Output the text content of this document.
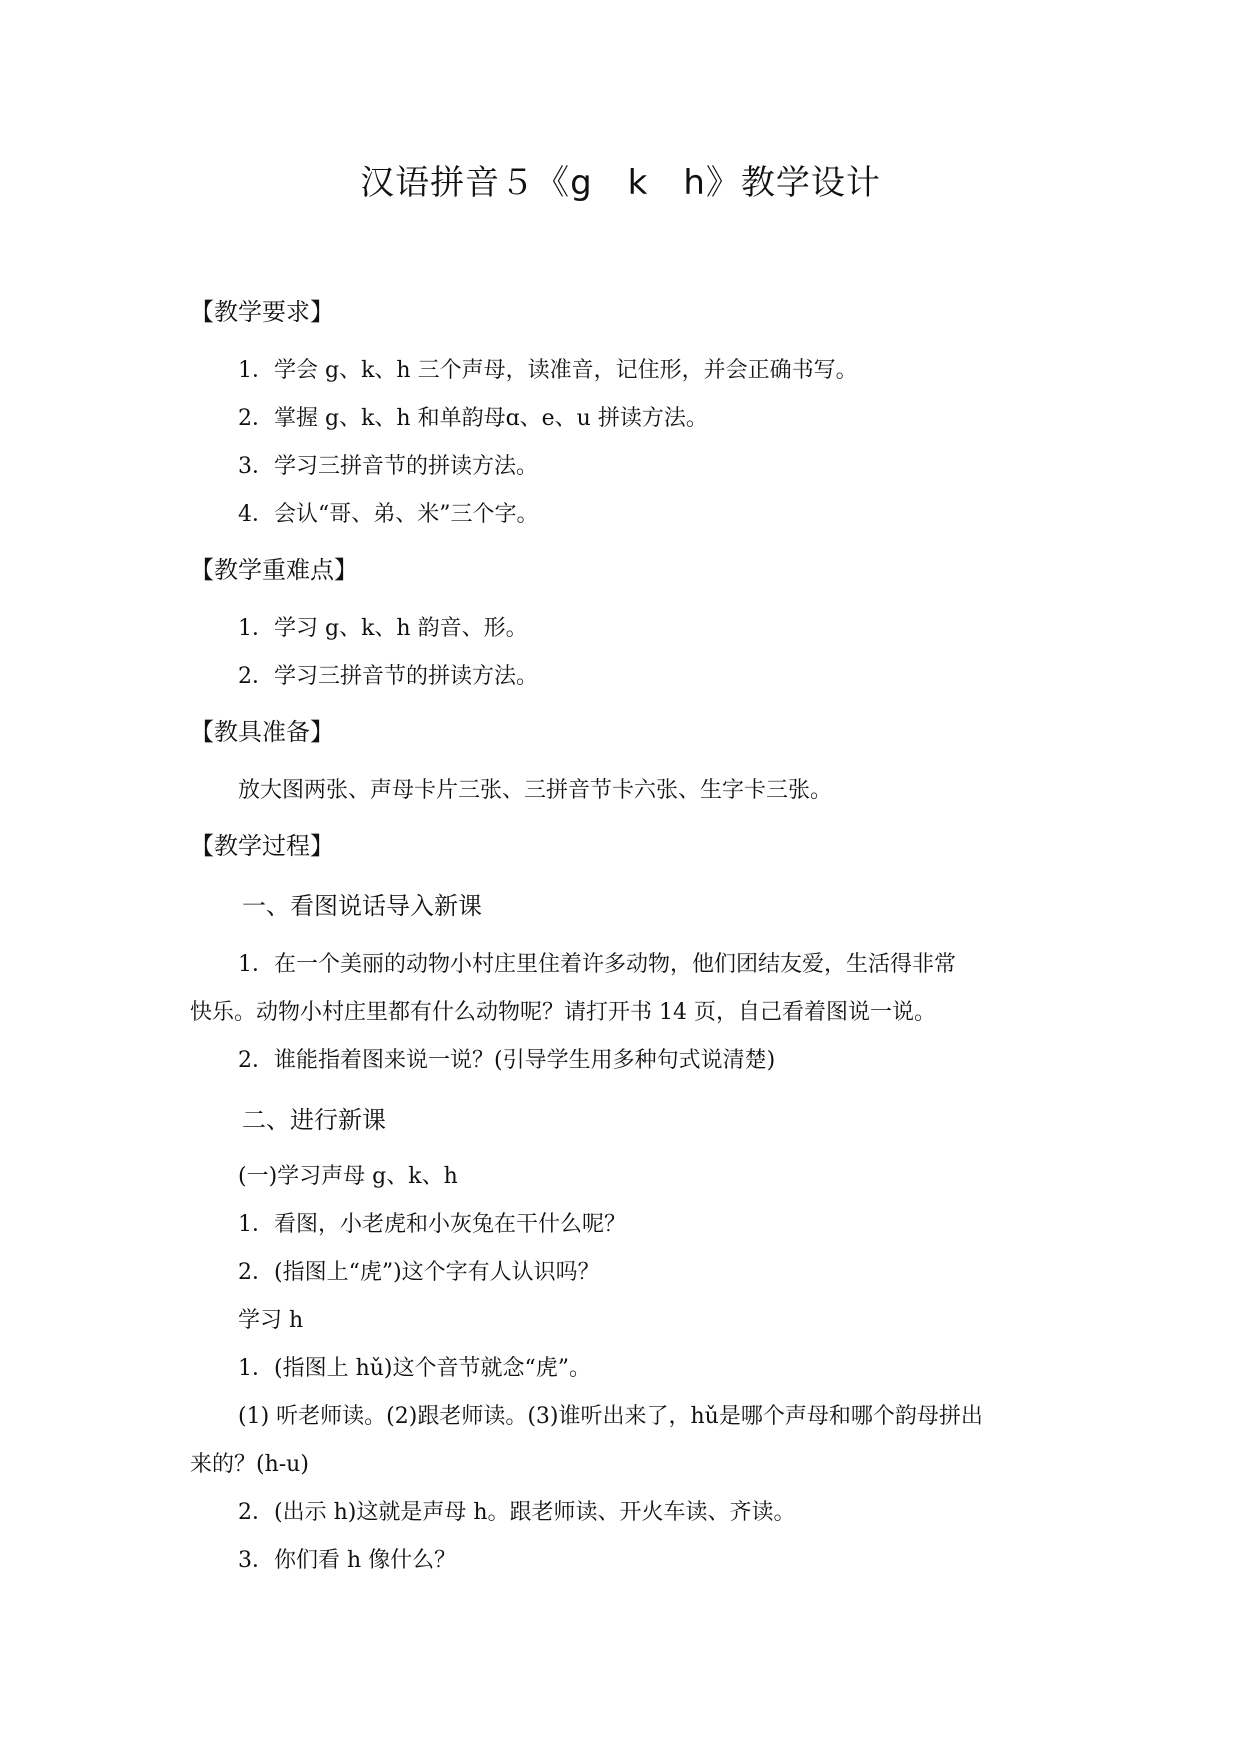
汉语拼音５《g　k　h》教学设计
【教学要求】
1．学会 g、k、h 三个声母，读准音，记住形，并会正确书写。
2．掌握 g、k、h 和单韵母ɑ、e、u 拼读方法。
3．学习三拼音节的拼读方法。
4．会认“哥、弟、米”三个字。
【教学重难点】
1．学习 g、k、h 韵音、形。
2．学习三拼音节的拼读方法。
【教具准备】
放大图两张、声母卡片三张、三拼音节卡六张、生字卡三张。
【教学过程】
一、看图说话导入新课
1．在一个美丽的动物小村庄里住着许多动物，他们团结友爱，生活得非常
快乐。动物小村庄里都有什么动物呢？请打开书 14 页，自己看着图说一说。
2．谁能指着图来说一说？(引导学生用多种句式说清楚)
二、进行新课
(一)学习声母 g、k、h
1．看图，小老虎和小灰兔在干什么呢？
2．(指图上“虎”)这个字有人认识吗？
学习 h
1．(指图上 hǔ)这个音节就念“虎”。
(1) 听老师读。(2)跟老师读。(3)谁听出来了，hǔ是哪个声母和哪个韵母拼出
来的？(h-u)
2．(出示 h)这就是声母 h。跟老师读、开火车读、齐读。
3．你们看 h 像什么？
